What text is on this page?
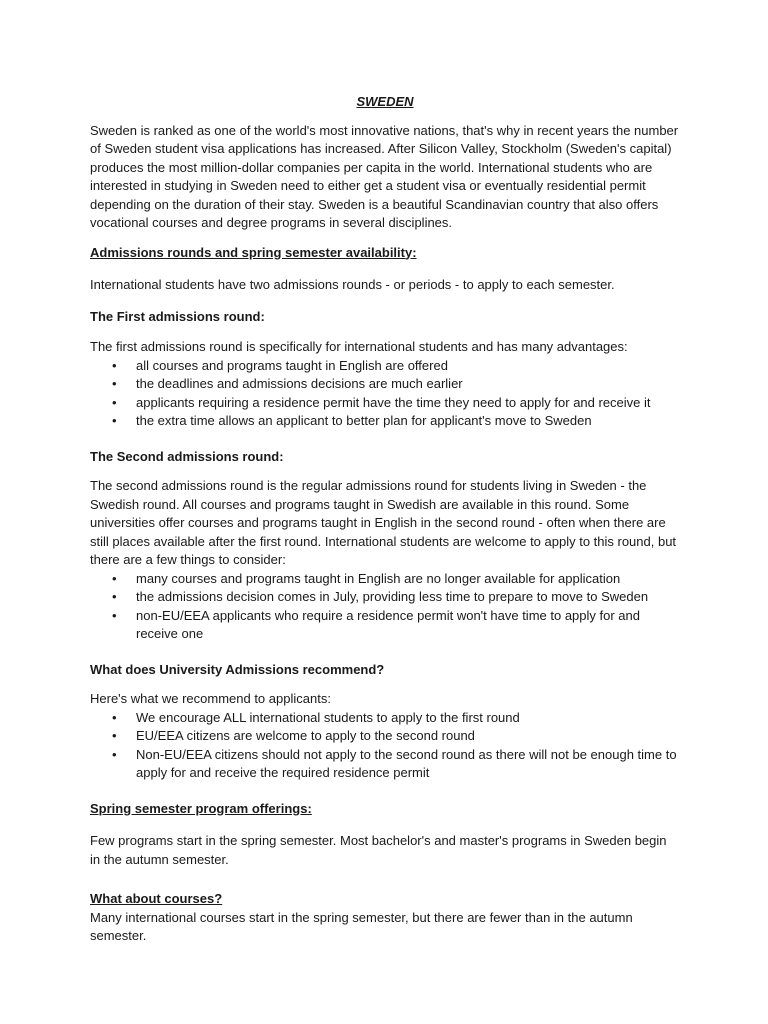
SWEDEN

Sweden is ranked as one of the world's most innovative nations, that's why in recent years the number of Sweden student visa applications has increased. After Silicon Valley, Stockholm (Sweden's capital) produces the most million-dollar companies per capita in the world. International students who are interested in studying in Sweden need to either get a student visa or eventually residential permit depending on the duration of their stay. Sweden is a beautiful Scandinavian country that also offers vocational courses and degree programs in several disciplines.

Admissions rounds and spring semester availability:

International students have two admissions rounds - or periods - to apply to each semester.

The First admissions round:

The first admissions round is specifically for international students and has many advantages:

• all courses and programs taught in English are offered
• the deadlines and admissions decisions are much earlier
• applicants requiring a residence permit have the time they need to apply for and receive it
• the extra time allows an applicant to better plan for applicant's move to Sweden

The Second admissions round:

The second admissions round is the regular admissions round for students living in Sweden - the Swedish round. All courses and programs taught in Swedish are available in this round. Some universities offer courses and programs taught in English in the second round - often when there are still places available after the first round. International students are welcome to apply to this round, but there are a few things to consider:

• many courses and programs taught in English are no longer available for application
• the admissions decision comes in July, providing less time to prepare to move to Sweden
• non-EU/EEA applicants who require a residence permit won't have time to apply for and receive one

What does University Admissions recommend?

Here's what we recommend to applicants:

• We encourage ALL international students to apply to the first round
• EU/EEA citizens are welcome to apply to the second round
• Non-EU/EEA citizens should not apply to the second round as there will not be enough time to apply for and receive the required residence permit

Spring semester program offerings:

Few programs start in the spring semester. Most bachelor's and master's programs in Sweden begin in the autumn semester.

What about courses?

Many international courses start in the spring semester, but there are fewer than in the autumn semester.
